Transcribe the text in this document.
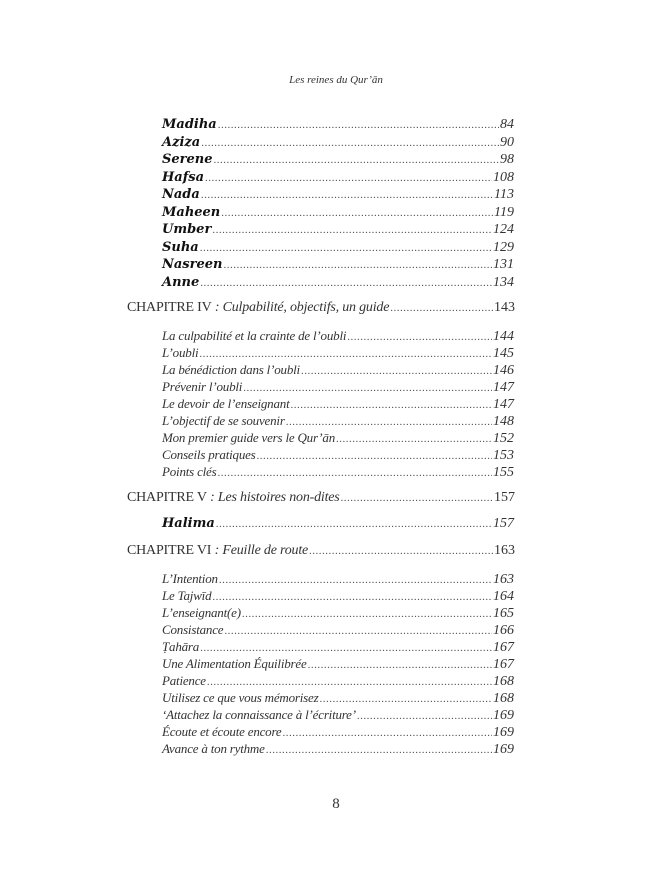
Les reines du Qur’ān
Madiha .....	84
Aziza .....	90
Serene .....	98
Hafsa .....	108
Nada .....	113
Maheen .....	119
Umber .....	124
Suha .....	129
Nasreen .....	131
Anne .....	134
CHAPITRE IV : Culpabilité, objectifs, un guide .....	143
La culpabilité et la crainte de l’oubli .....	144
L’oubli .....	145
La bénédiction dans l’oubli .....	146
Prévenir l’oubli .....	147
Le devoir de l’enseignant .....	147
L’objectif de se souvenir .....	148
Mon premier guide vers le Qur’ān .....	152
Conseils pratiques .....	153
Points clés .....	155
CHAPITRE V : Les histoires non-dites .....	157
Halima .....	157
CHAPITRE VI : Feuille de route .....	163
L’Intention .....	163
Le Tajwīd .....	164
L’enseignant(e) .....	165
Consistance .....	166
Ṭahāra .....	167
Une Alimentation Équilibrée .....	167
Patience .....	168
Utilisez ce que vous mémorisez .....	168
‘Attachez la connaissance à l’écriture’ .....	169
Écoute et écoute encore .....	169
Avance à ton rythme .....	169
8
